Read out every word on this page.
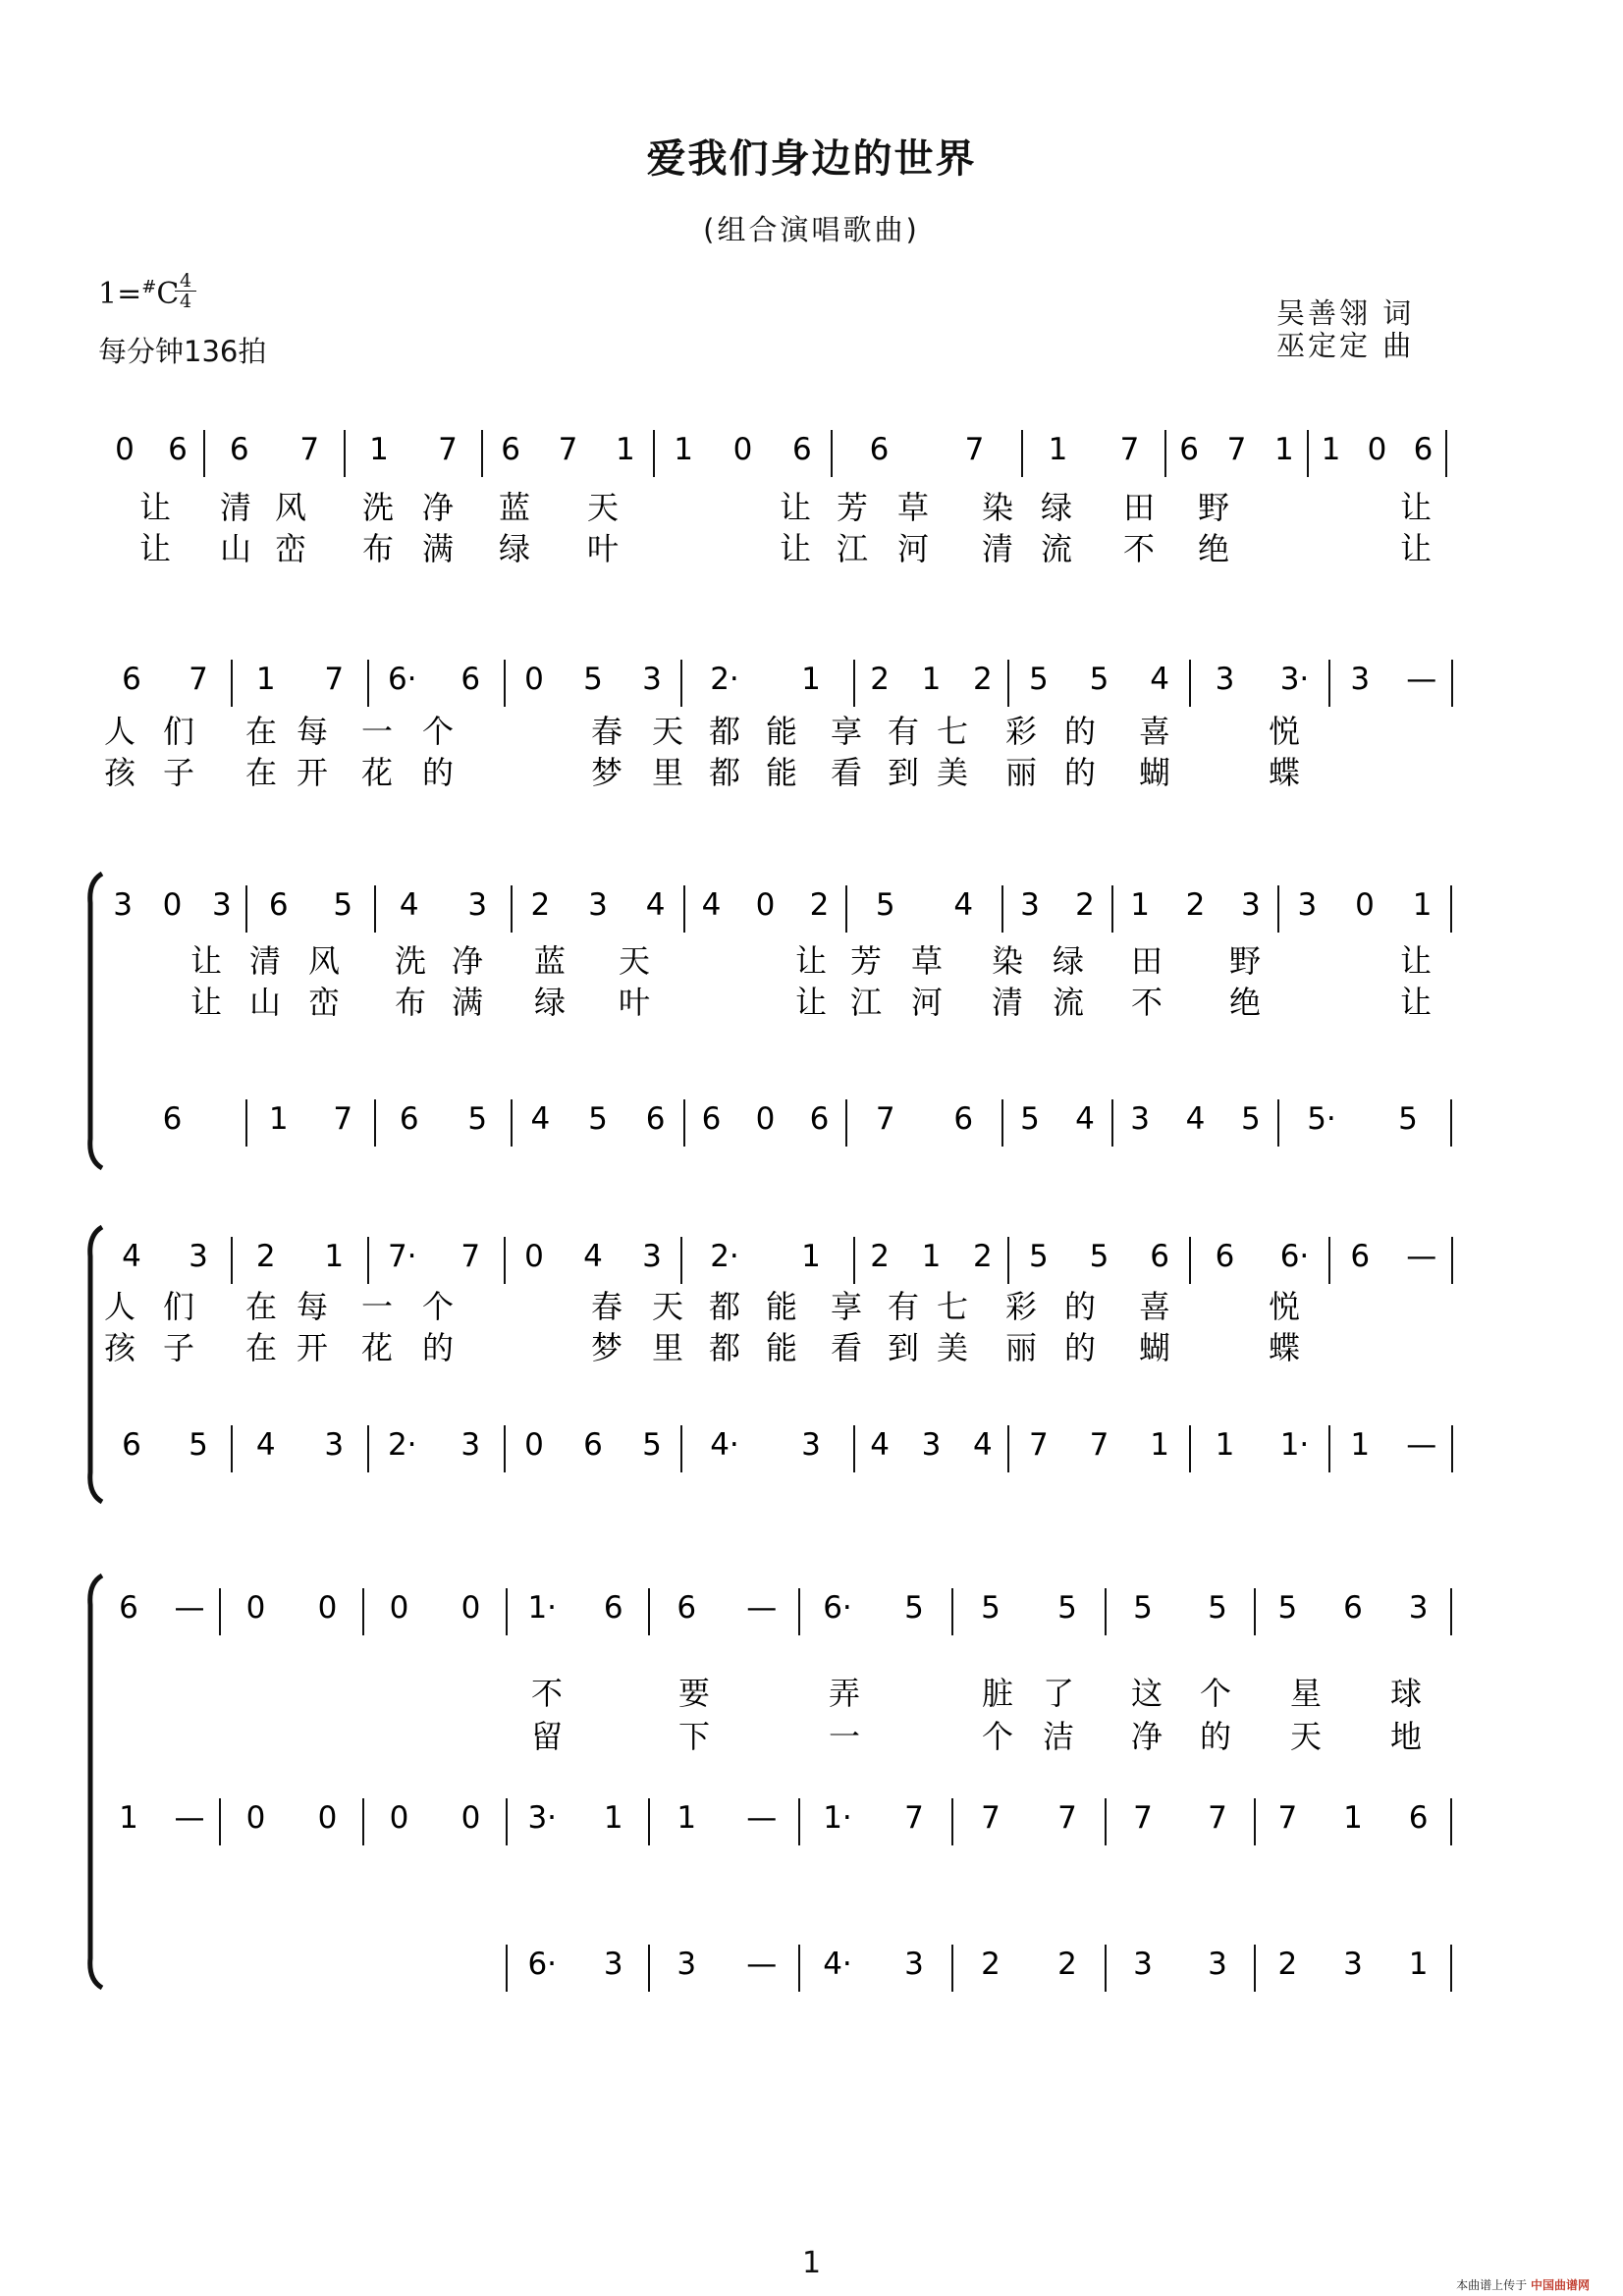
爱我们身边的世界
(组合演唱歌曲)
1=#C
$\frac{4}{4}$
每分钟136拍
吴善翎 词
巫定定 曲
0 6 6 7 1 7 6 7 1 1 0 6 6 7 1 7 6 7 1 1 0 6
让 清 风 洗 净 蓝 天	让 芳 草 染 绿 田 野	让
让 山 峦 布 满 绿 叶	让 江 河 清 流 不 绝	让
6 7 1 7 6· 6 0 5 3 2· 1 2 1 2 5 5 4 3 3· 3 —
人 们 在 每 一 个	春 天 都 能 享 有 七 彩 的 喜	悦
孩 子 在 开 花 的	梦 里 都 能 看 到 美 丽 的 蝴	蝶
3 0 3 6 5 4 3 2 3 4 4 0 2 5 4 3 2 1 2 3 3 0 1
6	1 7 6 5 4 5 6 6 0 6 7 6 5 4 3 4 5 5· 5
让 清 风 洗 净 蓝 天	让 芳 草 染 绿 田 野	让
让 山 峦 布 满 绿 叶	让 江 河 清 流 不 绝	让
4 3 2 1 7· 7 0 4 3 2· 1 2 1 2 5 5 6 6 6· 6 —
6 5 4 3 2· 3 0 6 5 4· 3 4 3 4 7 7 1 1 1· 1 —
人 们 在 每 一 个	春 天 都 能 享 有 七 彩 的 喜	悦
孩 子 在 开 花 的	梦 里 都 能 看 到 美 丽 的 蝴	蝶
6 — 0 0 0 0 1· 6 6 — 6· 5 5 5 5 5 5 6 3
1 — 0 0 0 0 3· 1 1 — 1· 7 7 7 7 7 7 1 6
6· 3 3 — 4· 3 2 2 3 3 2 3 1
不	要	弄	脏 了 这 个 星 球
留	下	一	个 洁 净 的 天 地
1
本曲谱上传于 中国曲谱网
